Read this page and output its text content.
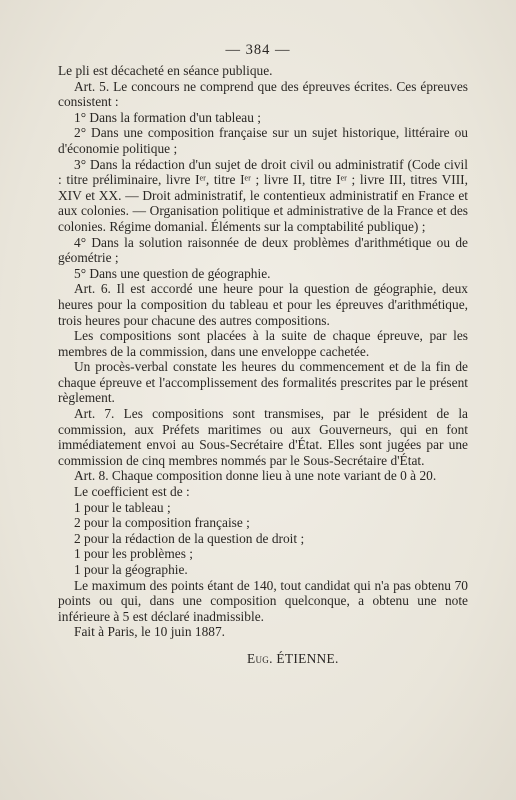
— 384 —

Le pli est décacheté en séance publique.

Art. 5. Le concours ne comprend que des épreuves écrites. Ces épreuves consistent :

1° Dans la formation d'un tableau ;

2° Dans une composition française sur un sujet historique, littéraire ou d'économie politique ;

3° Dans la rédaction d'un sujet de droit civil ou administratif (Code civil : titre préliminaire, livre Iᵉʳ, titre Iᵉʳ ; livre II, titre Iᵉʳ ; livre III, titres VIII, XIV et XX. — Droit administratif, le contentieux administratif en France et aux colonies. — Organisation politique et administrative de la France et des colonies. Régime domanial. Éléments sur la comptabilité publique) ;

4° Dans la solution raisonnée de deux problèmes d'arithmétique ou de géométrie ;

5° Dans une question de géographie.

Art. 6. Il est accordé une heure pour la question de géographie, deux heures pour la composition du tableau et pour les épreuves d'arithmétique, trois heures pour chacune des autres compositions.

Les compositions sont placées à la suite de chaque épreuve, par les membres de la commission, dans une enveloppe cachetée.

Un procès-verbal constate les heures du commencement et de la fin de chaque épreuve et l'accomplissement des formalités prescrites par le présent règlement.

Art. 7. Les compositions sont transmises, par le président de la commission, aux Préfets maritimes ou aux Gouverneurs, qui en font immédiatement envoi au Sous-Secrétaire d'État. Elles sont jugées par une commission de cinq membres nommés par le Sous-Secrétaire d'État.

Art. 8. Chaque composition donne lieu à une note variant de 0 à 20.

Le coefficient est de :

1 pour le tableau ;

2 pour la composition française ;

2 pour la rédaction de la question de droit ;

1 pour les problèmes ;

1 pour la géographie.

Le maximum des points étant de 140, tout candidat qui n'a pas obtenu 70 points ou qui, dans une composition quelconque, a obtenu une note inférieure à 5 est déclaré inadmissible.

Fait à Paris, le 10 juin 1887.

Eug. ÉTIENNE.
